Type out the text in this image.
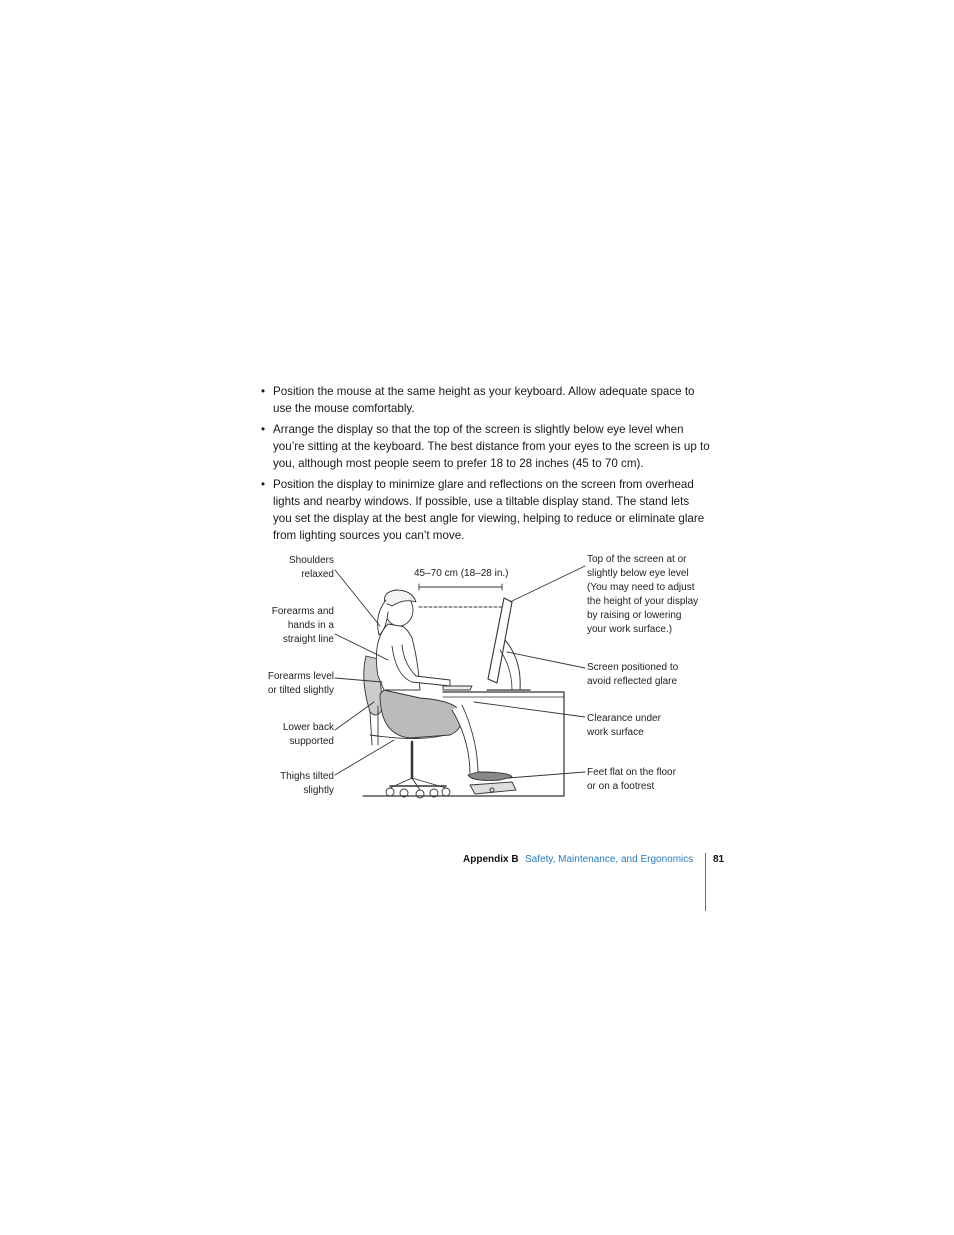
• Position the mouse at the same height as your keyboard. Allow adequate space to use the mouse comfortably.
• Arrange the display so that the top of the screen is slightly below eye level when you’re sitting at the keyboard. The best distance from your eyes to the screen is up to you, although most people seem to prefer 18 to 28 inches (45 to 70 cm).
• Position the display to minimize glare and reflections on the screen from overhead lights and nearby windows. If possible, use a tiltable display stand. The stand lets you set the display at the best angle for viewing, helping to reduce or eliminate glare from lighting sources you can’t move.
Shoulders
relaxed
Forearms and
hands in a
straight line
Forearms level
or tilted slightly
Lower back
supported
Thighs tilted
slightly
Top of the screen at or
slightly below eye level
(You may need to adjust
the height of your display
by raising or lowering
your work surface.)
Screen positioned to
avoid reflected glare
Clearance under
work surface
Feet flat on the floor
or on a footrest
45–70 cm (18–28 in.)
Appendix B Safety, Maintenance, and Ergonomics 81
